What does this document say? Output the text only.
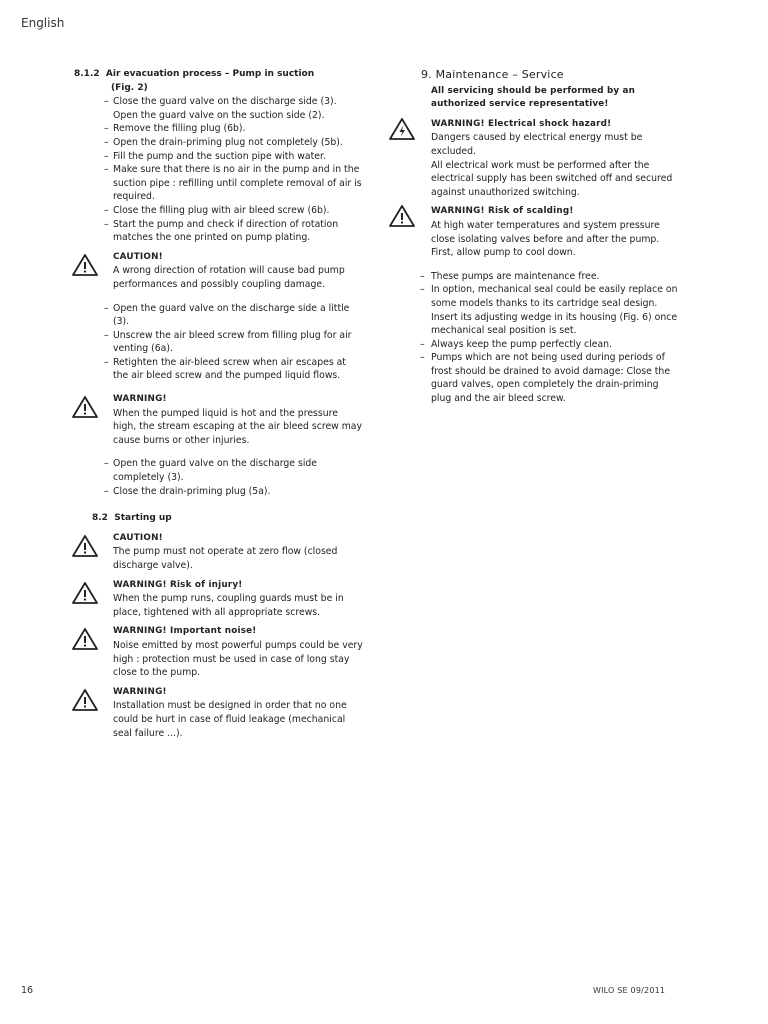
English
8.1.2 Air evacuation process – Pump in suction
(Fig. 2)
– Close the guard valve on the discharge side (3). Open the guard valve on the suction side (2).
– Remove the filling plug (6b).
– Open the drain-priming plug not completely (5b).
– Fill the pump and the suction pipe with water.
– Make sure that there is no air in the pump and in the suction pipe : refilling until complete removal of air is required.
– Close the filling plug with air bleed screw (6b).
– Start the pump and check if direction of rotation matches the one printed on pump plating.
CAUTION!
A wrong direction of rotation will cause bad pump performances and possibly coupling damage.
– Open the guard valve on the discharge side a little (3).
– Unscrew the air bleed screw from filling plug for air venting (6a).
– Retighten the air-bleed screw when air escapes at the air bleed screw and the pumped liquid flows.
WARNING!
When the pumped liquid is hot and the pressure high, the stream escaping at the air bleed screw may cause burns or other injuries.
– Open the guard valve on the discharge side completely (3).
– Close the drain-priming plug (5a).
8.2 Starting up
CAUTION!
The pump must not operate at zero flow (closed discharge valve).
WARNING! Risk of injury!
When the pump runs, coupling guards must be in place, tightened with all appropriate screws.
WARNING! Important noise!
Noise emitted by most powerful pumps could be very high : protection must be used in case of long stay close to the pump.
WARNING!
Installation must be designed in order that no one could be hurt in case of fluid leakage (mechanical seal failure ...).
9. Maintenance – Service
All servicing should be performed by an authorized service representative!
WARNING! Electrical shock hazard!
Dangers caused by electrical energy must be excluded.
All electrical work must be performed after the electrical supply has been switched off and secured against unauthorized switching.
WARNING! Risk of scalding!
At high water temperatures and system pressure close isolating valves before and after the pump. First, allow pump to cool down.
– These pumps are maintenance free.
– In option, mechanical seal could be easily replace on some models thanks to its cartridge seal design. Insert its adjusting wedge in its housing (Fig. 6) once mechanical seal position is set.
– Always keep the pump perfectly clean.
– Pumps which are not being used during periods of frost should be drained to avoid damage: Close the guard valves, open completely the drain-priming plug and the air bleed screw.
16	WILO SE 09/2011
